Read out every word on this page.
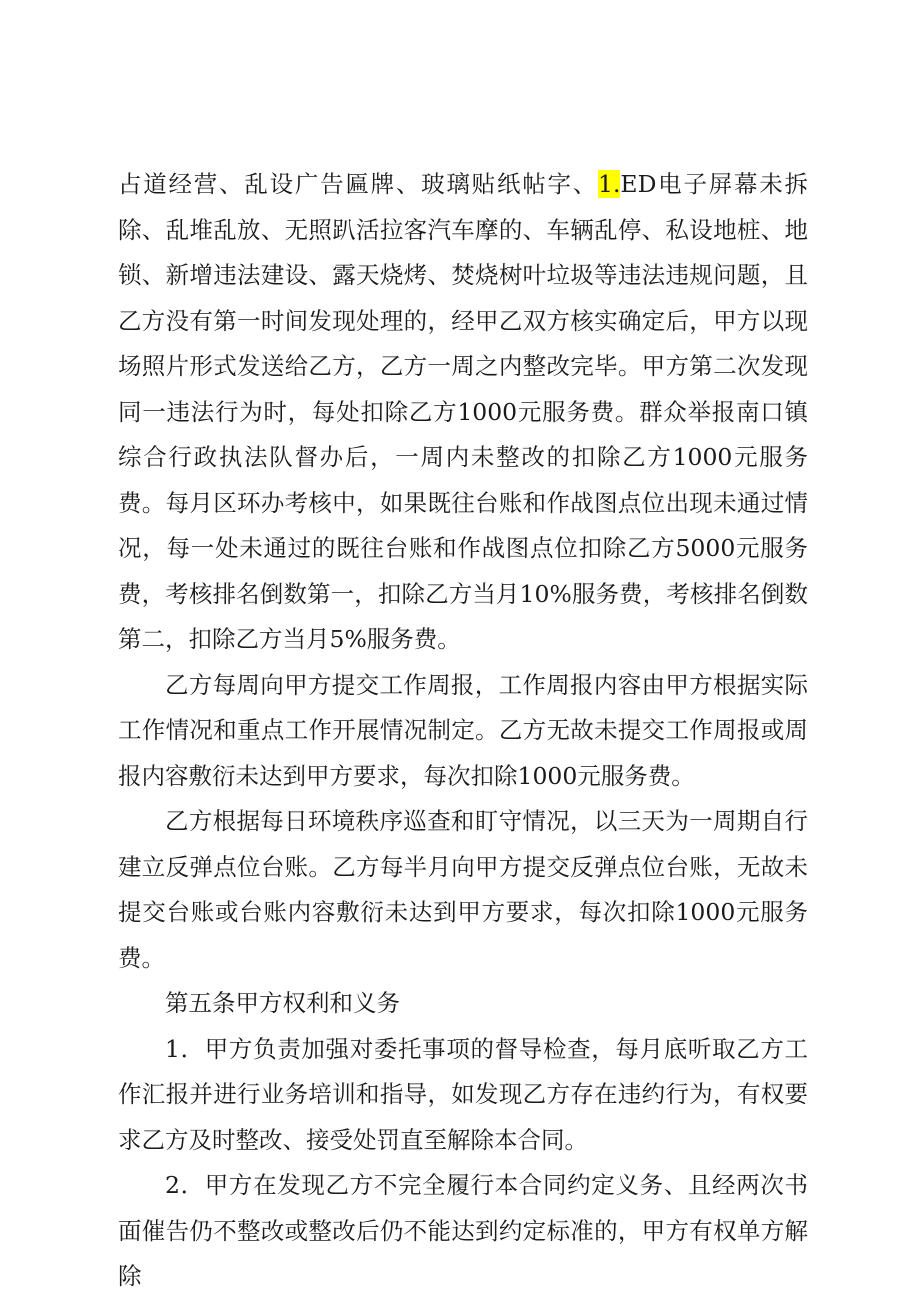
占道经营、乱设广告匾牌、玻璃贴纸帖字、1.ED电子屏幕未拆除、乱堆乱放、无照趴活拉客汽车摩的、车辆乱停、私设地桩、地锁、新增违法建设、露天烧烤、焚烧树叶垃圾等违法违规问题，且乙方没有第一时间发现处理的，经甲乙双方核实确定后，甲方以现场照片形式发送给乙方，乙方一周之内整改完毕。甲方第二次发现同一违法行为时，每处扣除乙方1000元服务费。群众举报南口镇综合行政执法队督办后，一周内未整改的扣除乙方1000元服务费。每月区环办考核中，如果既往台账和作战图点位出现未通过情况，每一处未通过的既往台账和作战图点位扣除乙方5000元服务费，考核排名倒数第一，扣除乙方当月10%服务费，考核排名倒数第二，扣除乙方当月5%服务费。

乙方每周向甲方提交工作周报，工作周报内容由甲方根据实际工作情况和重点工作开展情况制定。乙方无故未提交工作周报或周报内容敷衍未达到甲方要求，每次扣除1000元服务费。

乙方根据每日环境秩序巡查和盯守情况，以三天为一周期自行建立反弹点位台账。乙方每半月向甲方提交反弹点位台账，无故未提交台账或台账内容敷衍未达到甲方要求，每次扣除1000元服务费。

第五条甲方权利和义务

1．甲方负责加强对委托事项的督导检查，每月底听取乙方工作汇报并进行业务培训和指导，如发现乙方存在违约行为，有权要求乙方及时整改、接受处罚直至解除本合同。

2．甲方在发现乙方不完全履行本合同约定义务、且经两次书面催告仍不整改或整改后仍不能达到约定标准的，甲方有权单方解除
